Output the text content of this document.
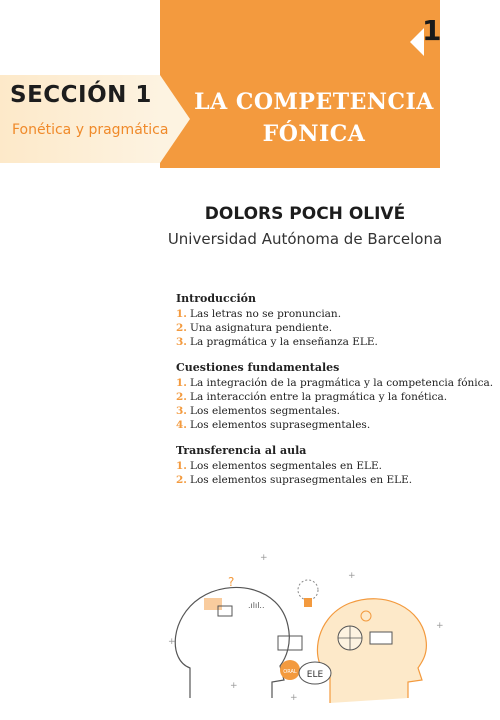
1
SECCIÓN 1
Fonética y pragmática
LA COMPETENCIA
FÓNICA
DOLORS POCH OLIVÉ
Universidad Autónoma de Barcelona
Introducción
1. Las letras no se pronuncian.
2. Una asignatura pendiente.
3. La pragmática y la enseñanza ELE.
Cuestiones fundamentales
1. La integración de la pragmática y la competencia fónica.
2. La interacción entre la pragmática y la fonética.
3. Los elementos segmentales.
4. Los elementos suprasegmentales.
Transferencia al aula
1. Los elementos segmentales en ELE.
2. Los elementos suprasegmentales en ELE.
?
.ılıl..
ORAL ELE
+
+
+
+
+
+
